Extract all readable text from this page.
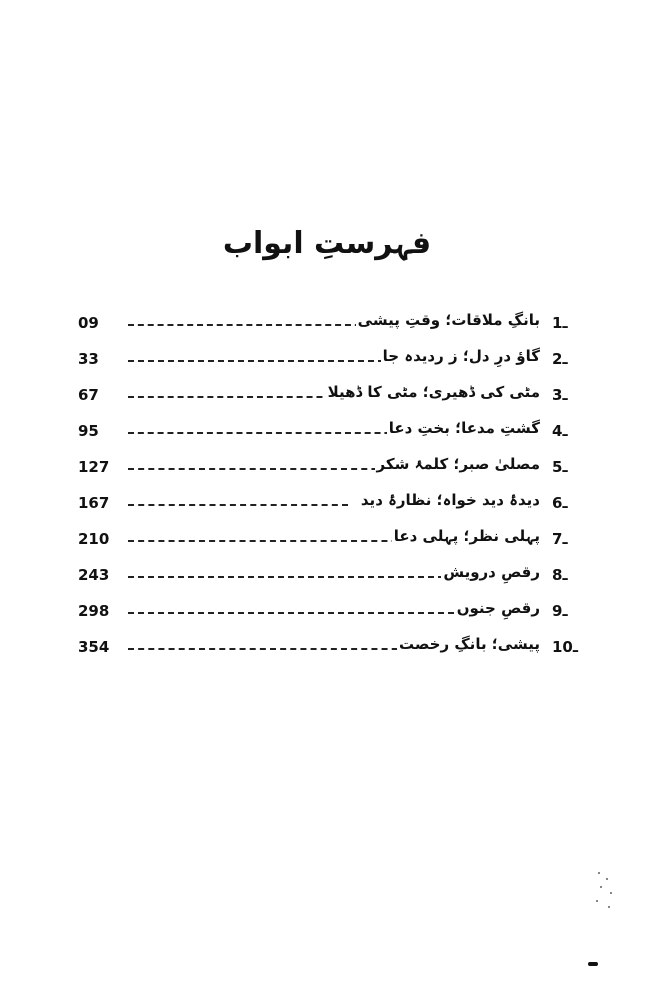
فہرستِ ابواب
09	بانگِ ملاقات؛ وقتِ پیشی 1ـ
33	گاؤ درِ دل؛ ز ردیدہ جا 2ـ
67	مٹی کی ڈھیری؛ مٹی کا ڈھیلا 3ـ
95	گشتِ مدعا؛ بختِ دعا 4ـ
127	مصلیٰ صبر؛ کلمۂ شکر 5ـ
167	دیدۂ دید خواہ؛ نظارۂ دید 6ـ
210	پہلی نظر؛ پہلی دعا 7ـ
243	رقصِ درویش 8ـ
298	رقصِ جنوں 9ـ
354	پیشی؛ بانگِ رخصت 10ـ
